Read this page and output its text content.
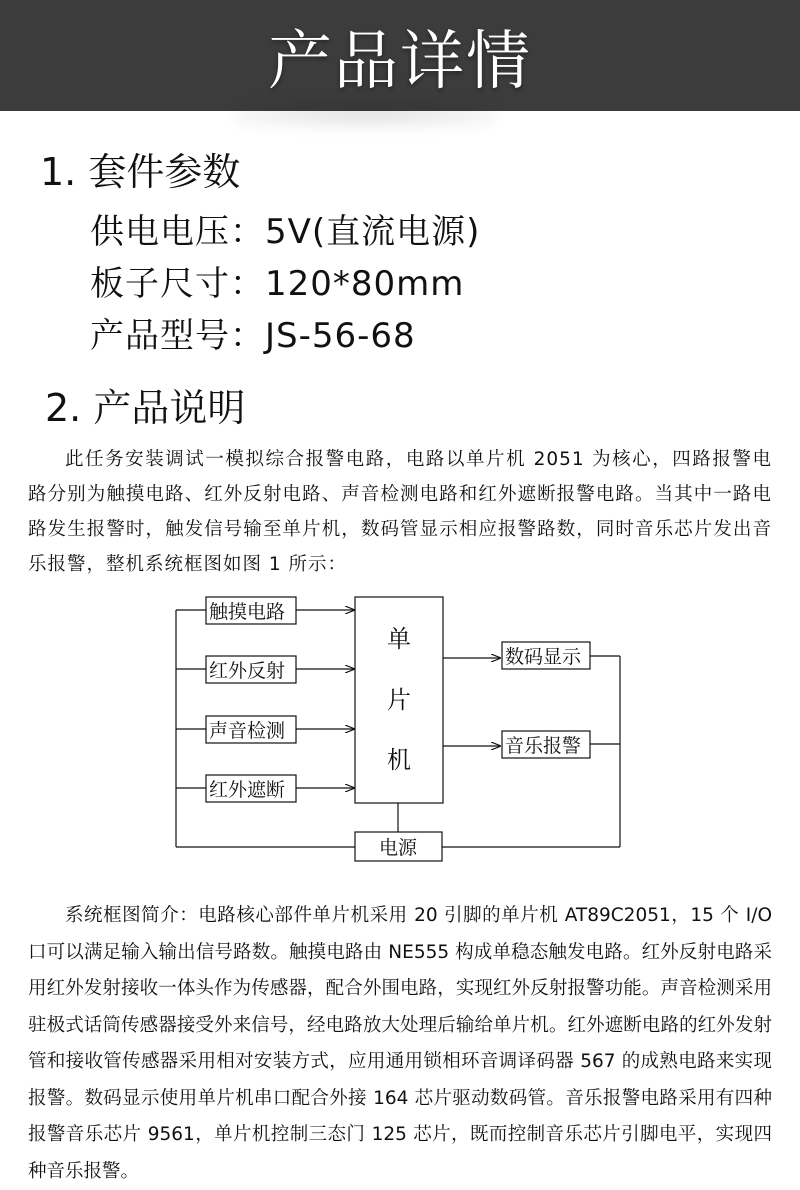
产品详情
1. 套件参数
供电电压：5V(直流电源)
板子尺寸：120*80mm
产品型号：JS-56-68
2. 产品说明

此任务安装调试一模拟综合报警电路，电路以单片机 2051 为核心，四路报警电路分别为触摸电路、红外反射电路、声音检测电路和红外遮断报警电路。当其中一路电路发生报警时，触发信号输至单片机，数码管显示相应报警路数，同时音乐芯片发出音乐报警，整机系统框图如图 1 所示：

触摸电路
红外反射
声音检测
红外遮断
数码显示
音乐报警
电源
单
片
机

系统框图简介：电路核心部件单片机采用 20 引脚的单片机 AT89C2051，15 个 I/O 口可以满足输入输出信号路数。触摸电路由 NE555 构成单稳态触发电路。红外反射电路采用红外发射接收一体头作为传感器，配合外围电路，实现红外反射报警功能。声音检测采用驻极式话筒传感器接受外来信号，经电路放大处理后输给单片机。红外遮断电路的红外发射管和接收管传感器采用相对安装方式，应用通用锁相环音调译码器 567 的成熟电路来实现报警。数码显示使用单片机串口配合外接 164 芯片驱动数码管。音乐报警电路采用有四种报警音乐芯片 9561，单片机控制三态门 125 芯片，既而控制音乐芯片引脚电平，实现四种音乐报警。
